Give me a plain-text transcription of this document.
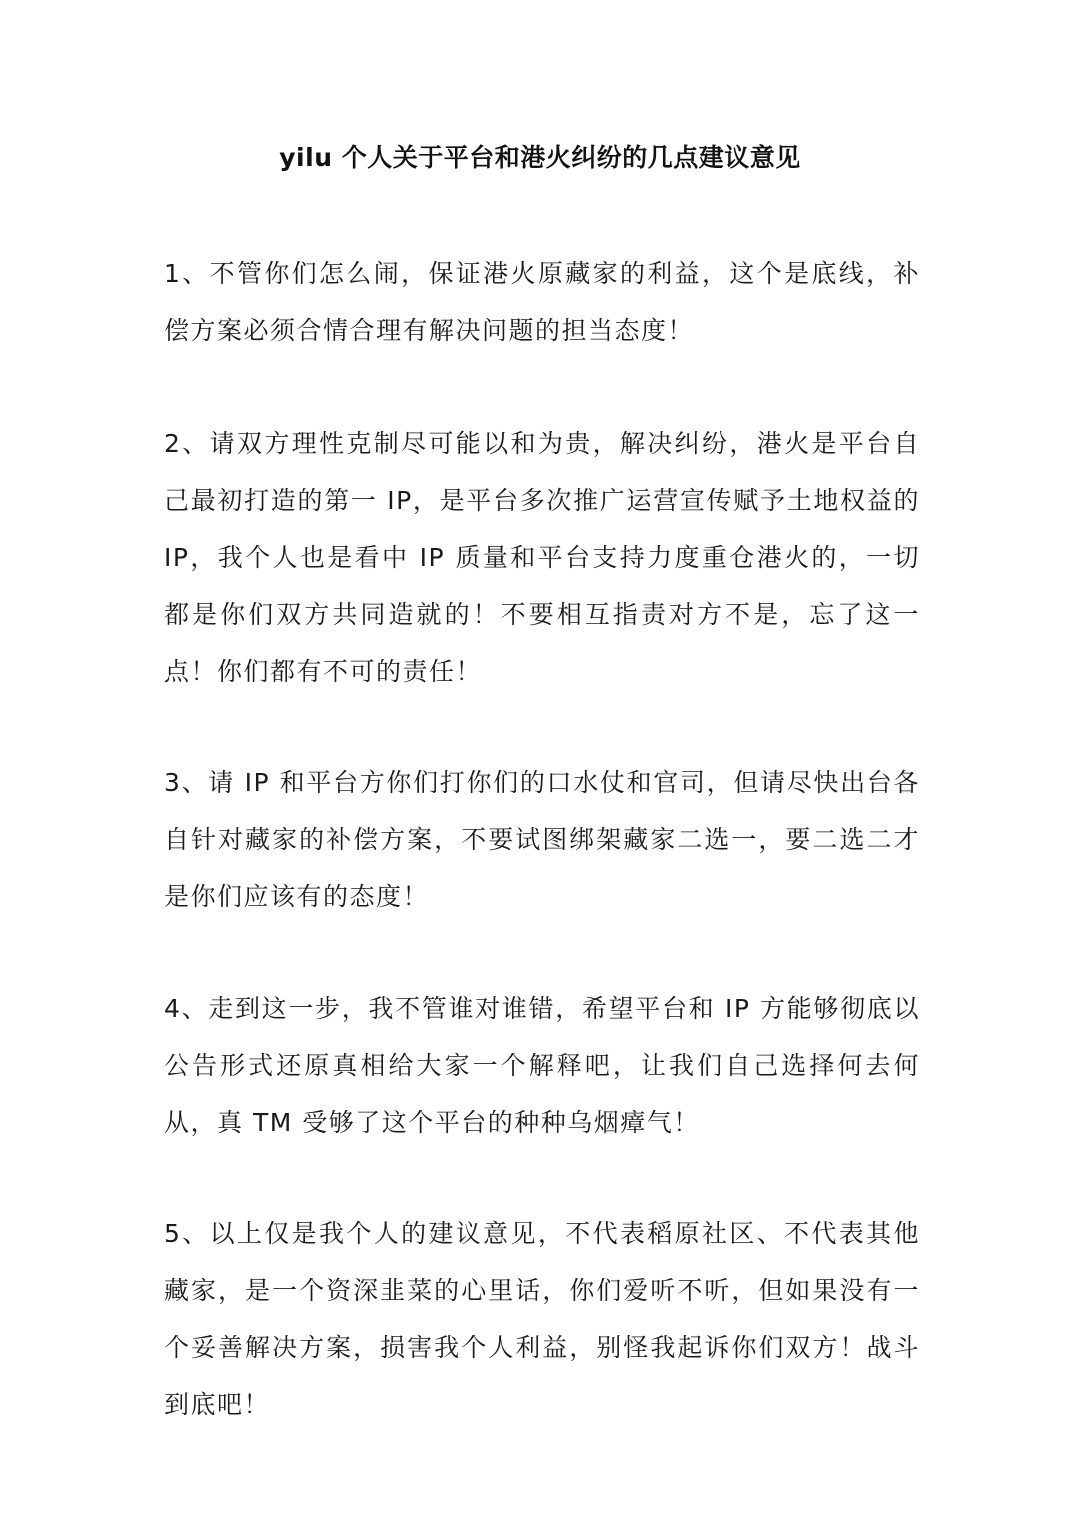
yilu 个人关于平台和港火纠纷的几点建议意见

1、不管你们怎么闹，保证港火原藏家的利益，这个是底线，补偿方案必须合情合理有解决问题的担当态度！

2、请双方理性克制尽可能以和为贵，解决纠纷，港火是平台自己最初打造的第一 IP，是平台多次推广运营宣传赋予土地权益的 IP，我个人也是看中 IP 质量和平台支持力度重仓港火的，一切都是你们双方共同造就的！不要相互指责对方不是，忘了这一点！你们都有不可的责任！

3、请 IP 和平台方你们打你们的口水仗和官司，但请尽快出台各自针对藏家的补偿方案，不要试图绑架藏家二选一，要二选二才是你们应该有的态度！

4、走到这一步，我不管谁对谁错，希望平台和 IP 方能够彻底以公告形式还原真相给大家一个解释吧，让我们自己选择何去何从，真 TM 受够了这个平台的种种乌烟瘴气！

5、以上仅是我个人的建议意见，不代表稻原社区、不代表其他藏家，是一个资深韭菜的心里话，你们爱听不听，但如果没有一个妥善解决方案，损害我个人利益，别怪我起诉你们双方！战斗到底吧！
